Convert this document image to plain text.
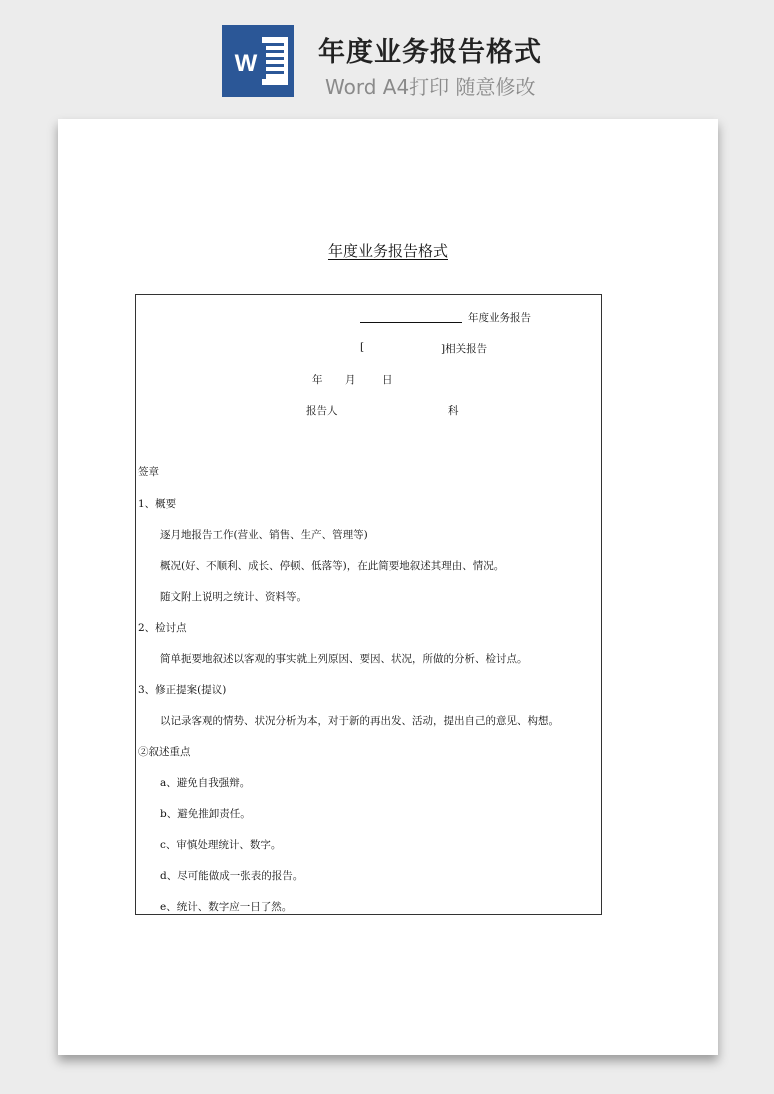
W 年度业务报告格式
Word A4打印 随意修改
年度业务报告格式
​
年度业务报告
[	]相关报告
年 月	日
报告人	科
签章
1、概要
逐月地报告工作(营业、销售、生产、管理等)
概况(好、不顺利、成长、停顿、低落等)，在此简要地叙述其理由、情况。
随文附上说明之统计、资料等。
2、检讨点
简单扼要地叙述以客观的事实就上列原因、要因、状况，所做的分析、检讨点。
3、修正提案(提议)
以记录客观的情势、状况分析为本，对于新的再出发、活动，提出自己的意见、构想。
②叙述重点
a、避免自我强辩。
b、避免推卸责任。
c、审慎处理统计、数字。
d、尽可能做成一张表的报告。
e、统计、数字应一日了然。
